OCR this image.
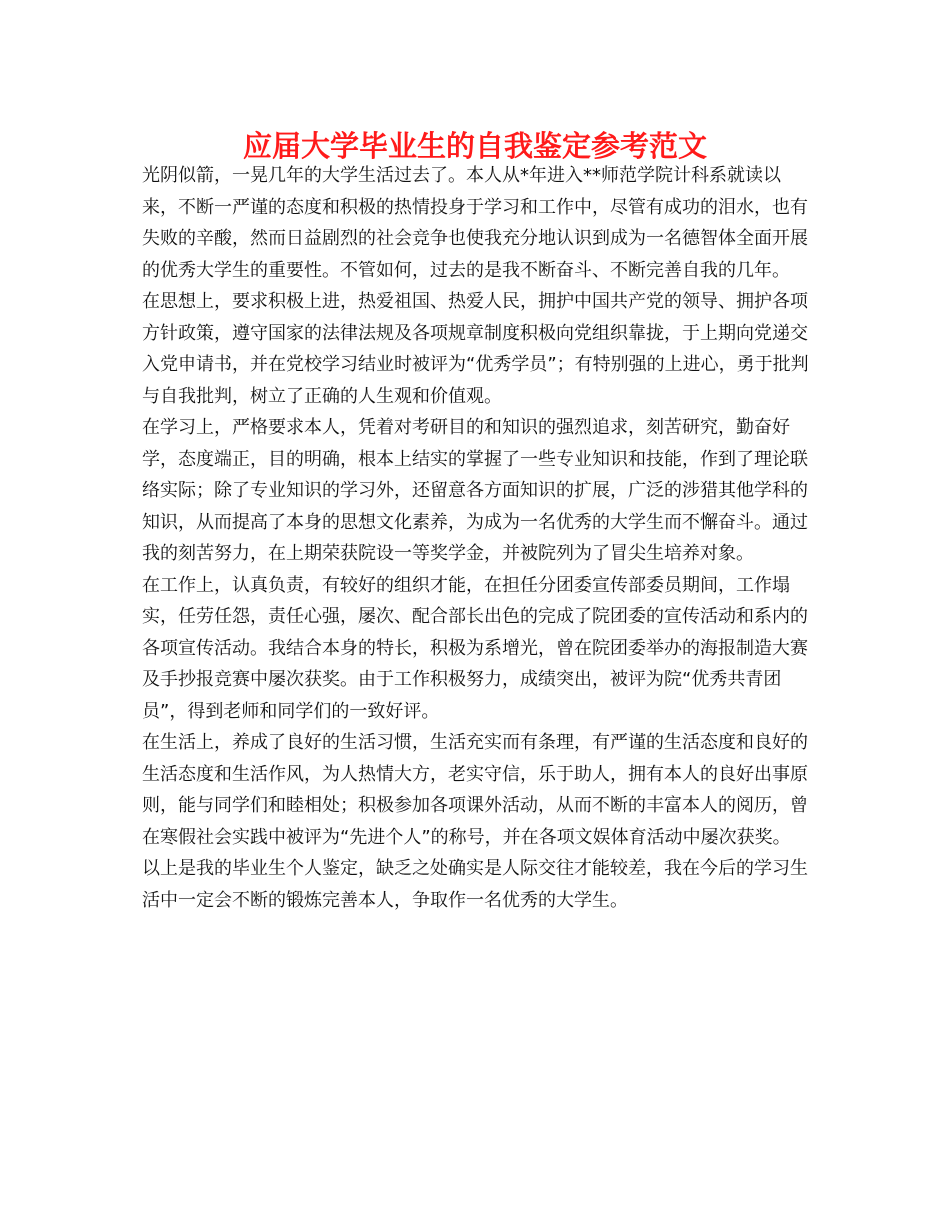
应届大学毕业生的自我鉴定参考范文

光阴似箭，一晃几年的大学生活过去了。本人从*年进入**师范学院计科系就读以来，不断一严谨的态度和积极的热情投身于学习和工作中，尽管有成功的泪水，也有失败的辛酸，然而日益剧烈的社会竞争也使我充分地认识到成为一名德智体全面开展的优秀大学生的重要性。不管如何，过去的是我不断奋斗、不断完善自我的几年。

在思想上，要求积极上进，热爱祖国、热爱人民，拥护中国共产党的领导、拥护各项方针政策，遵守国家的法律法规及各项规章制度积极向党组织靠拢，于上期向党递交入党申请书，并在党校学习结业时被评为“优秀学员”；有特别强的上进心，勇于批判与自我批判，树立了正确的人生观和价值观。

在学习上，严格要求本人，凭着对考研目的和知识的强烈追求，刻苦研究，勤奋好学，态度端正，目的明确，根本上结实的掌握了一些专业知识和技能，作到了理论联络实际；除了专业知识的学习外，还留意各方面知识的扩展，广泛的涉猎其他学科的知识，从而提高了本身的思想文化素养，为成为一名优秀的大学生而不懈奋斗。通过我的刻苦努力，在上期荣获院设一等奖学金，并被院列为了冒尖生培养对象。

在工作上，认真负责，有较好的组织才能，在担任分团委宣传部委员期间，工作塌实，任劳任怨，责任心强，屡次、配合部长出色的完成了院团委的宣传活动和系内的各项宣传活动。我结合本身的特长，积极为系增光，曾在院团委举办的海报制造大赛及手抄报竞赛中屡次获奖。由于工作积极努力，成绩突出，被评为院“优秀共青团员”，得到老师和同学们的一致好评。

在生活上，养成了良好的生活习惯，生活充实而有条理，有严谨的生活态度和良好的生活态度和生活作风，为人热情大方，老实守信，乐于助人，拥有本人的良好出事原则，能与同学们和睦相处；积极参加各项课外活动，从而不断的丰富本人的阅历，曾在寒假社会实践中被评为“先进个人”的称号，并在各项文娱体育活动中屡次获奖。

以上是我的毕业生个人鉴定，缺乏之处确实是人际交往才能较差，我在今后的学习生活中一定会不断的锻炼完善本人，争取作一名优秀的大学生。
